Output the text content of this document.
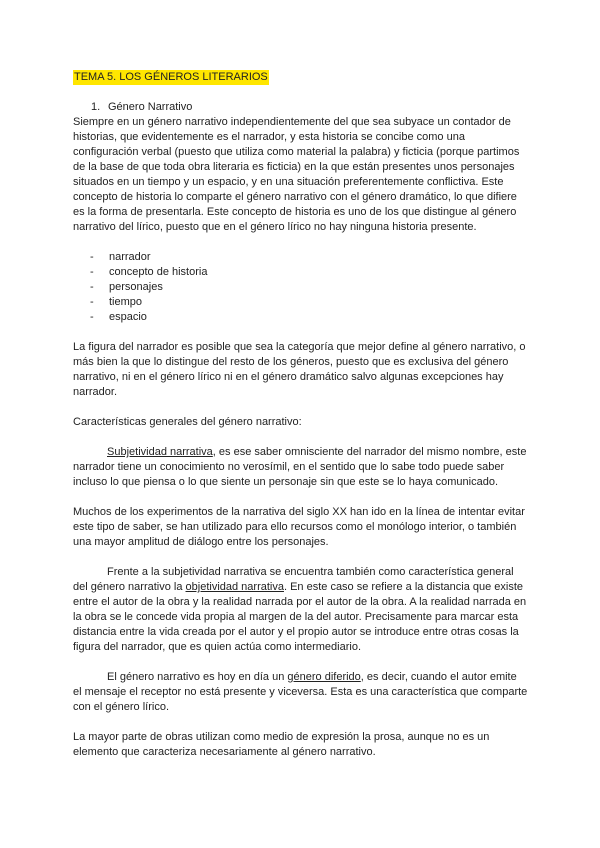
TEMA 5. LOS GÉNEROS LITERARIOS
1. Género Narrativo

Siempre en un género narrativo independientemente del que sea subyace un contador de historias, que evidentemente es el narrador, y esta historia se concibe como una configuración verbal (puesto que utiliza como material la palabra) y ficticia (porque partimos de la base de que toda obra literaria es ficticia) en la que están presentes unos personajes situados en un tiempo y un espacio, y en una situación preferentemente conflictiva. Este concepto de historia lo comparte el género narrativo con el género dramático, lo que difiere es la forma de presentarla. Este concepto de historia es uno de los que distingue al género narrativo del lírico, puesto que en el género lírico no hay ninguna historia presente.

- narrador
- concepto de historia
- personajes
- tiempo
- espacio

La figura del narrador es posible que sea la categoría que mejor define al género narrativo, o más bien la que lo distingue del resto de los géneros, puesto que es exclusiva del género narrativo, ni en el género lírico ni en el género dramático salvo algunas excepciones hay narrador.

Características generales del género narrativo:

Subjetividad narrativa, es ese saber omnisciente del narrador del mismo nombre, este narrador tiene un conocimiento no verosímil, en el sentido que lo sabe todo puede saber incluso lo que piensa o lo que siente un personaje sin que este se lo haya comunicado.

Muchos de los experimentos de la narrativa del siglo XX han ido en la línea de intentar evitar este tipo de saber, se han utilizado para ello recursos como el monólogo interior, o también una mayor amplitud de diálogo entre los personajes.

Frente a la subjetividad narrativa se encuentra también como característica general del género narrativo la objetividad narrativa. En este caso se refiere a la distancia que existe entre el autor de la obra y la realidad narrada por el autor de la obra. A la realidad narrada en la obra se le concede vida propia al margen de la del autor. Precisamente para marcar esta distancia entre la vida creada por el autor y el propio autor se introduce entre otras cosas la figura del narrador, que es quien actúa como intermediario.

El género narrativo es hoy en día un género diferido, es decir, cuando el autor emite el mensaje el receptor no está presente y viceversa. Esta es una característica que comparte con el género lírico.

La mayor parte de obras utilizan como medio de expresión la prosa, aunque no es un elemento que caracteriza necesariamente al género narrativo.
